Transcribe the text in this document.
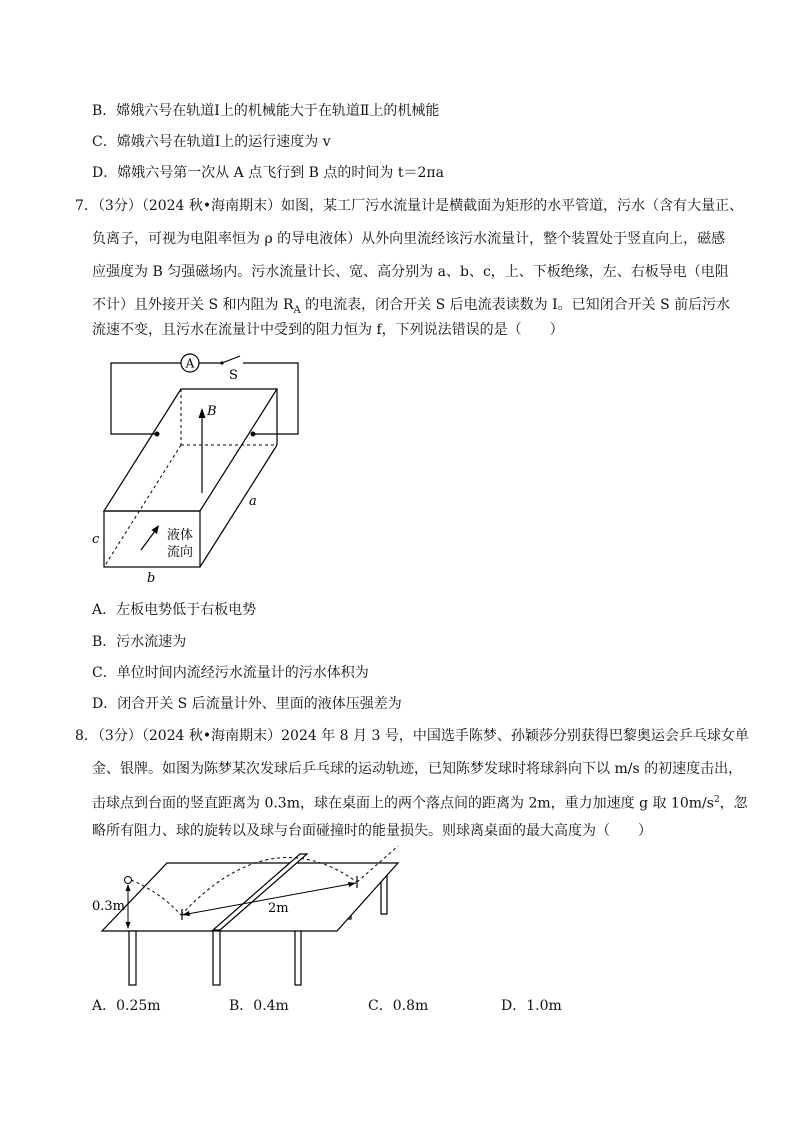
B．嫦娥六号在轨道Ⅰ上的机械能大于在轨道Ⅱ上的机械能
C．嫦娥六号在轨道Ⅰ上的运行速度为 v
D．嫦娥六号第一次从 A 点飞行到 B 点的时间为 t＝2πa
7．（3分）（2024 秋•海南期末）如图，某工厂污水流量计是横截面为矩形的水平管道，污水（含有大量正、
负离子，可视为电阻率恒为 ρ 的导电液体）从外向里流经该污水流量计，整个装置处于竖直向上，磁感
应强度为 B 匀强磁场内。污水流量计长、宽、高分别为 a、b、c，上、下板绝缘，左、右板导电（电阻
不计）且外接开关 S 和内阻为 $R_A$ 的电流表，闭合开关 S 后电流表读数为 I。已知闭合开关 S 前后污水
流速不变，且污水在流量计中受到的阻力恒为 f，下列说法错误的是（　　）
A
S
B
液体
流向
a
b
c
A．左板电势低于右板电势
B．污水流速为
C．单位时间内流经污水流量计的污水体积为
D．闭合开关 S 后流量计外、里面的液体压强差为
8．（3分）（2024 秋•海南期末）2024 年 8 月 3 号，中国选手陈梦、孙颖莎分别获得巴黎奥运会乒乓球女单
金、银牌。如图为陈梦某次发球后乒乓球的运动轨迹，已知陈梦发球时将球斜向下以 m/s 的初速度击出，
击球点到台面的竖直距离为 0.3m，球在桌面上的两个落点间的距离为 2m，重力加速度 g 取 $10m/s^2$，忽
略所有阻力、球的旋转以及球与台面碰撞时的能量损失。则球离桌面的最大高度为（　　）
0.3m	2m
A．0.25m	B．0.4m	C．0.8m	D．1.0m
